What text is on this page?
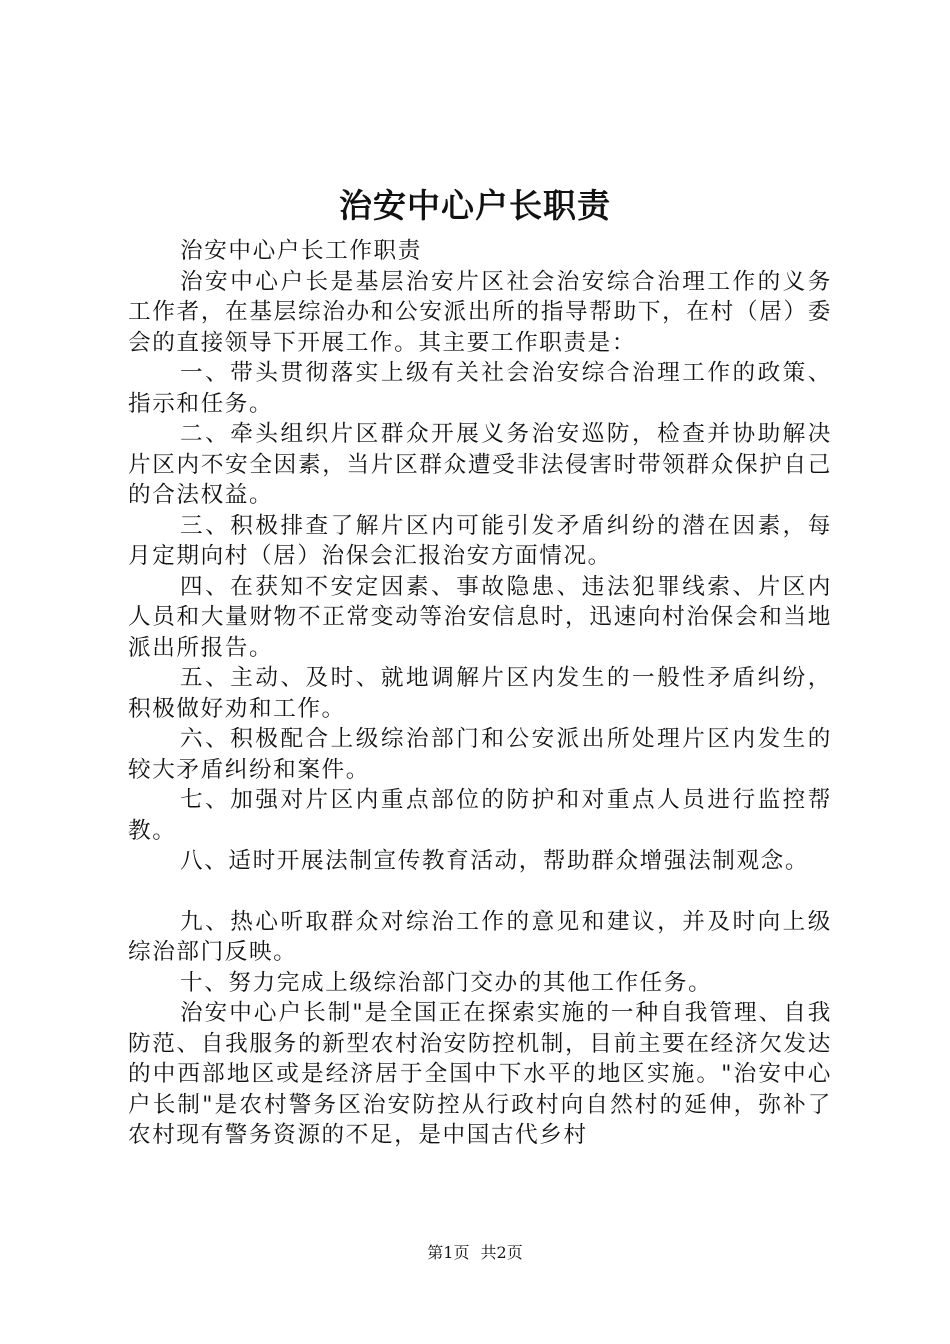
治安中心户长职责

治安中心户长工作职责

治安中心户长是基层治安片区社会治安综合治理工作的义务工作者，在基层综治办和公安派出所的指导帮助下，在村（居）委会的直接领导下开展工作。其主要工作职责是：

一、带头贯彻落实上级有关社会治安综合治理工作的政策、指示和任务。

二、牵头组织片区群众开展义务治安巡防，检查并协助解决片区内不安全因素，当片区群众遭受非法侵害时带领群众保护自己的合法权益。

三、积极排查了解片区内可能引发矛盾纠纷的潜在因素，每月定期向村（居）治保会汇报治安方面情况。

四、在获知不安定因素、事故隐患、违法犯罪线索、片区内人员和大量财物不正常变动等治安信息时，迅速向村治保会和当地派出所报告。

五、主动、及时、就地调解片区内发生的一般性矛盾纠纷，积极做好劝和工作。

六、积极配合上级综治部门和公安派出所处理片区内发生的较大矛盾纠纷和案件。

七、加强对片区内重点部位的防护和对重点人员进行监控帮教。

八、适时开展法制宣传教育活动，帮助群众增强法制观念。

九、热心听取群众对综治工作的意见和建议，并及时向上级综治部门反映。

十、努力完成上级综治部门交办的其他工作任务。

治安中心户长制"是全国正在探索实施的一种自我管理、自我防范、自我服务的新型农村治安防控机制，目前主要在经济欠发达的中西部地区或是经济居于全国中下水平的地区实施。"治安中心户长制"是农村警务区治安防控从行政村向自然村的延伸，弥补了农村现有警务资源的不足，是中国古代乡村

第1页 共2页
